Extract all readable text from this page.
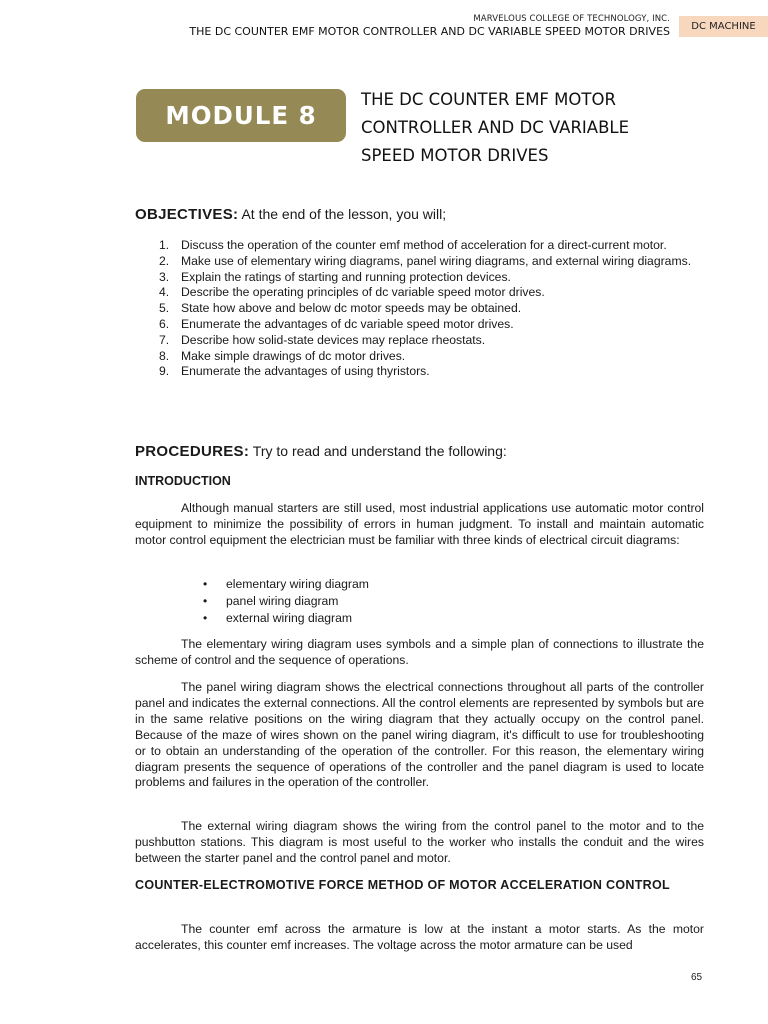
MARVELOUS COLLEGE OF TECHNOLOGY, INC.
THE DC COUNTER EMF MOTOR CONTROLLER AND DC VARIABLE SPEED MOTOR DRIVES	DC MACHINE
MODULE 8
THE DC COUNTER EMF MOTOR
CONTROLLER AND DC VARIABLE
SPEED MOTOR DRIVES
OBJECTIVES: At the end of the lesson, you will;
1. Discuss the operation of the counter emf method of acceleration for a direct-current motor.
2. Make use of elementary wiring diagrams, panel wiring diagrams, and external wiring diagrams.
3. Explain the ratings of starting and running protection devices.
4. Describe the operating principles of dc variable speed motor drives.
5. State how above and below dc motor speeds may be obtained.
6. Enumerate the advantages of dc variable speed motor drives.
7. Describe how solid-state devices may replace rheostats.
8. Make simple drawings of dc motor drives.
9. Enumerate the advantages of using thyristors.
PROCEDURES: Try to read and understand the following:
INTRODUCTION

Although manual starters are still used, most industrial applications use automatic motor control equipment to minimize the possibility of errors in human judgment. To install and maintain automatic motor control equipment the electrician must be familiar with three kinds of electrical circuit diagrams:

• elementary wiring diagram
• panel wiring diagram
• external wiring diagram

The elementary wiring diagram uses symbols and a simple plan of connections to illustrate the scheme of control and the sequence of operations.

The panel wiring diagram shows the electrical connections throughout all parts of the controller panel and indicates the external connections. All the control elements are represented by symbols but are in the same relative positions on the wiring diagram that they actually occupy on the control panel. Because of the maze of wires shown on the panel wiring diagram, it's difficult to use for troubleshooting or to obtain an understanding of the operation of the controller. For this reason, the elementary wiring diagram presents the sequence of operations of the controller and the panel diagram is used to locate problems and failures in the operation of the controller.

The external wiring diagram shows the wiring from the control panel to the motor and to the pushbutton stations. This diagram is most useful to the worker who installs the conduit and the wires between the starter panel and the control panel and motor.

COUNTER-ELECTROMOTIVE FORCE METHOD OF MOTOR ACCELERATION CONTROL

The counter emf across the armature is low at the instant a motor starts. As the motor accelerates, this counter emf increases. The voltage across the motor armature can be used

65
